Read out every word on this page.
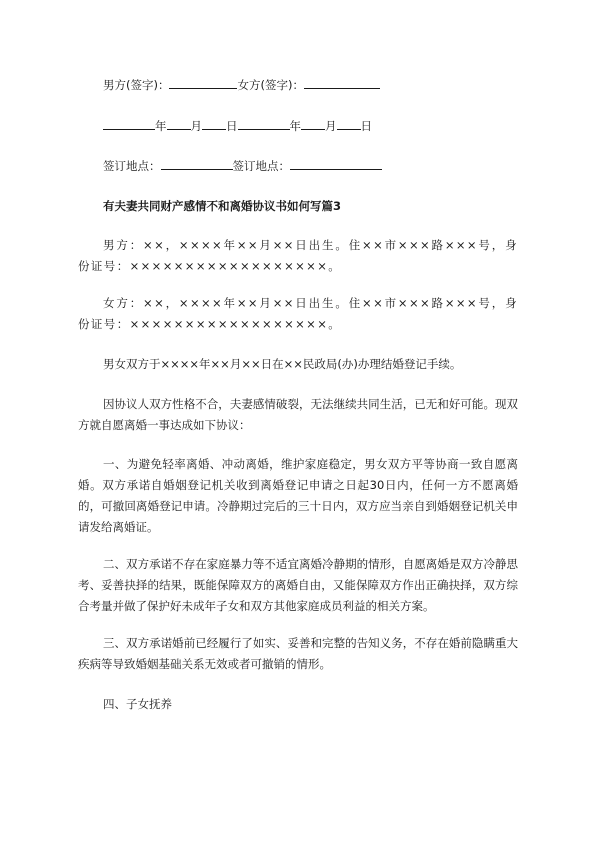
男方(签字)：	女方(签字)：
年 月 日	年 月 日
签订地点：	签订地点：
有夫妻共同财产感情不和离婚协议书如何写篇3
男方：××，××××年××月××日出生。住××市×××路×××号，身份证号：××××××××××××××××××。
女方：××，××××年××月××日出生。住××市×××路×××号，身份证号：××××××××××××××××××。
男女双方于××××年××月××日在××民政局(办)办理结婚登记手续。
因协议人双方性格不合，夫妻感情破裂，无法继续共同生活，已无和好可能。现双方就自愿离婚一事达成如下协议：
一、为避免轻率离婚、冲动离婚，维护家庭稳定，男女双方平等协商一致自愿离婚。双方承诺自婚姻登记机关收到离婚登记申请之日起30日内，任何一方不愿离婚的，可撤回离婚登记申请。冷静期过完后的三十日内，双方应当亲自到婚姻登记机关申请发给离婚证。
二、双方承诺不存在家庭暴力等不适宜离婚冷静期的情形，自愿离婚是双方冷静思考、妥善抉择的结果，既能保障双方的离婚自由，又能保障双方作出正确抉择，双方综合考量并做了保护好未成年子女和双方其他家庭成员利益的相关方案。
三、双方承诺婚前已经履行了如实、妥善和完整的告知义务，不存在婚前隐瞒重大疾病等导致婚姻基础关系无效或者可撤销的情形。
四、子女抚养
